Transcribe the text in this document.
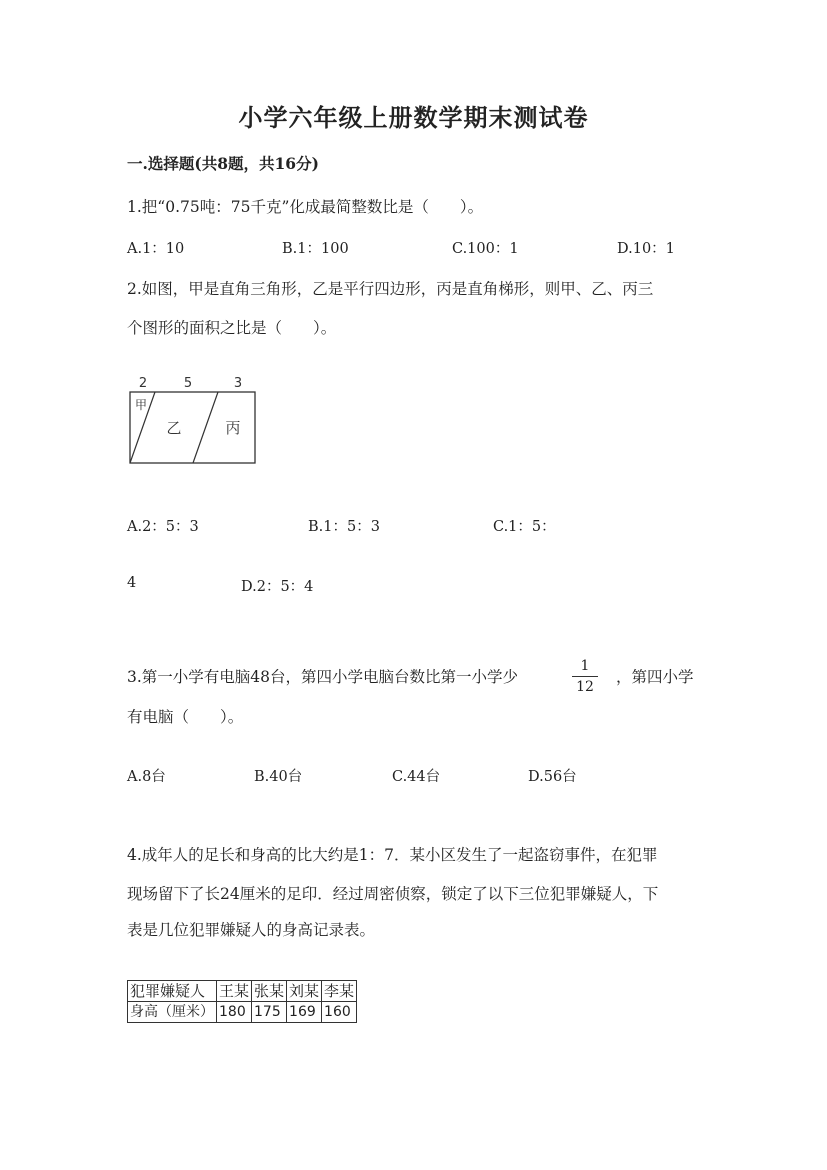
小学六年级上册数学期末测试卷
一.选择题(共8题，共16分)
1.把“0.75吨：75千克”化成最简整数比是（　　）。
A.1：10	B.1：100	C.100：1	D.10：1
2.如图，甲是直角三角形，乙是平行四边形，丙是直角梯形，则甲、乙、丙三
个图形的面积之比是（　　）。
2	5	3
甲
乙	丙
A.2：5：3	B.1：5：3	C.1：5：
4	D.2：5：4
3.第一小学有电脑48台，第四小学电脑台数比第一小学少
1
12
，第四小学
有电脑（　　）。
A.8台	B.40台	C.44台	D.56台
4.成年人的足长和身高的比大约是1：7．某小区发生了一起盗窃事件，在犯罪
现场留下了长24厘米的足印．经过周密侦察，锁定了以下三位犯罪嫌疑人，下
表是几位犯罪嫌疑人的身高记录表。
犯罪嫌疑人	王某	张某	刘某	李某
身高（厘米）	180	175	169	160
